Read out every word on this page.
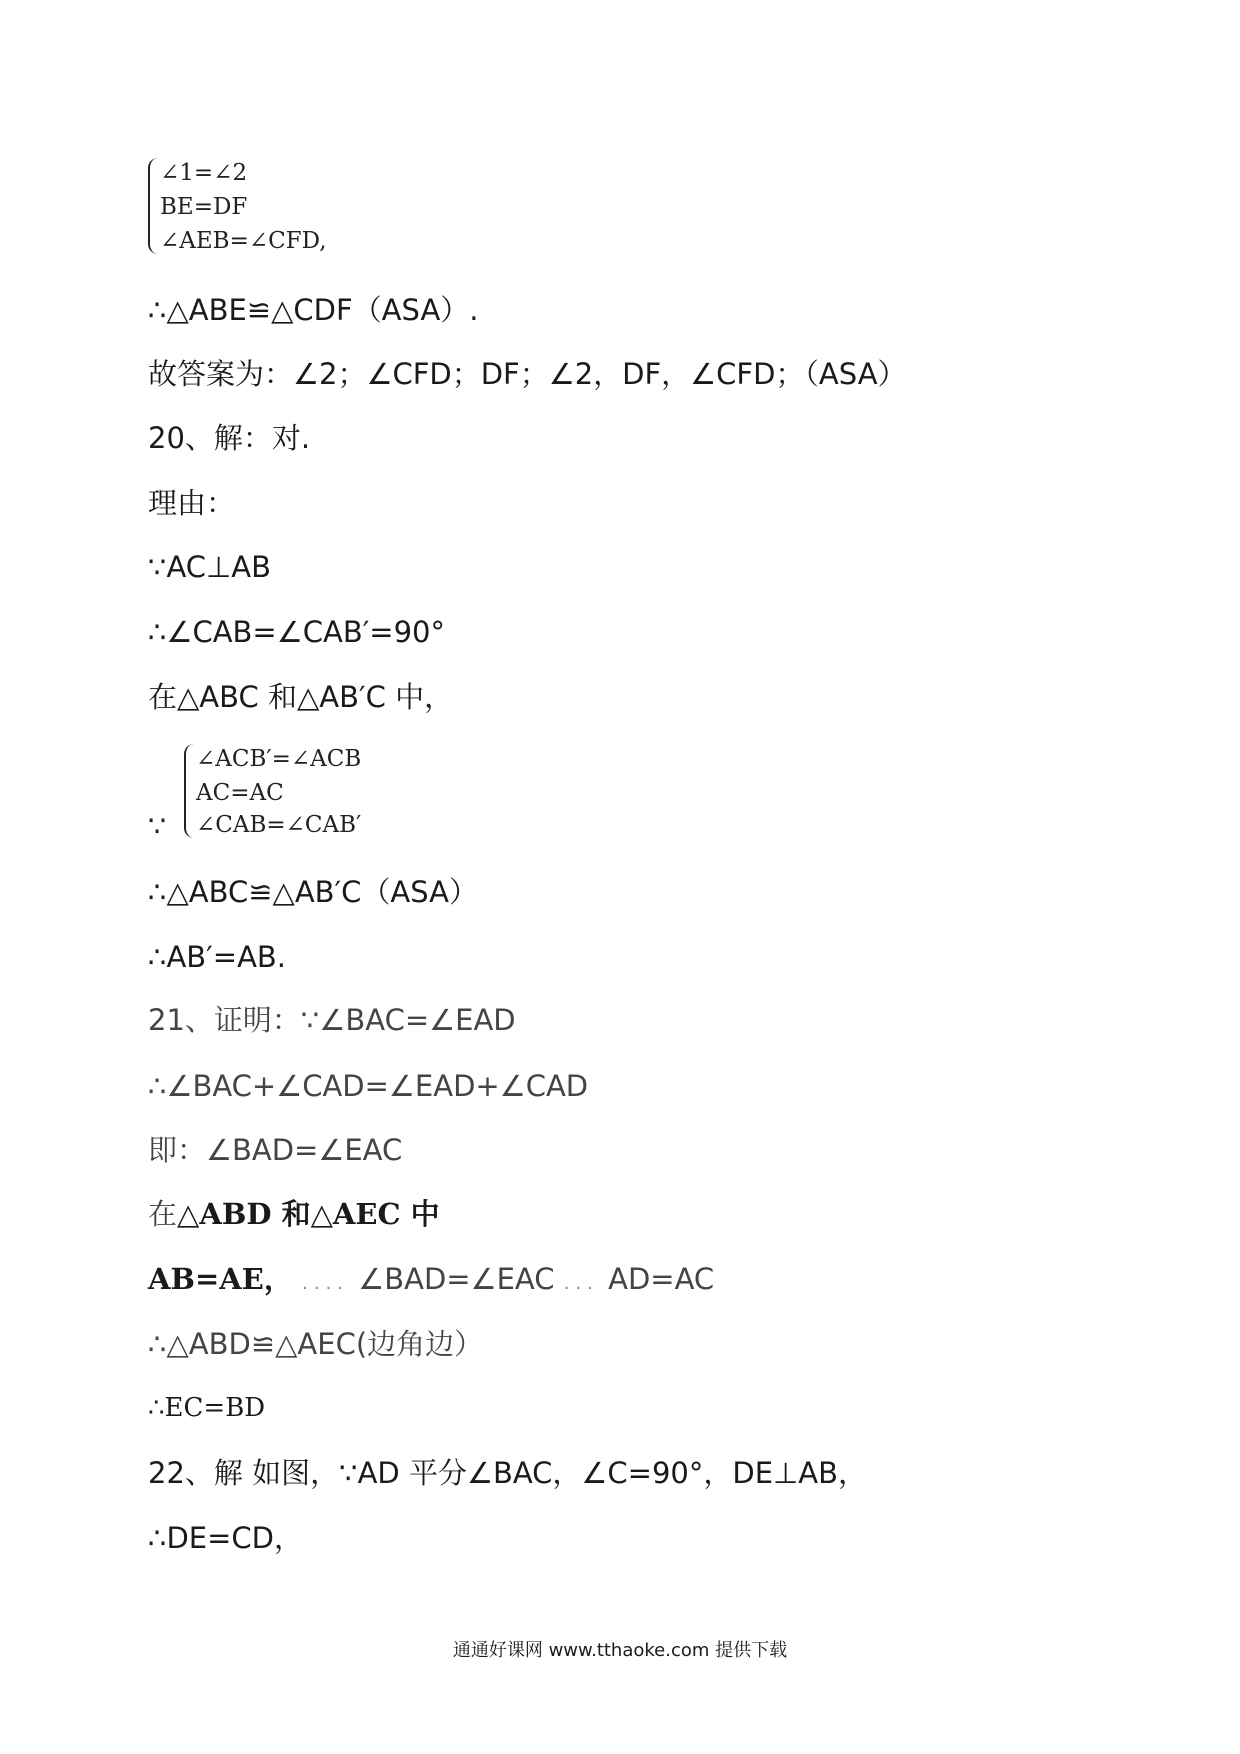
∠1=∠2
BE=DF
∠AEB=∠CFD,
∴△ABE≌△CDF（ASA）.
故答案为：∠2；∠CFD；DF；∠2，DF，∠CFD；（ASA）
20、解：对.
理由：
∵AC⊥AB
∴∠CAB=∠CAB′=90°
在△ABC 和△AB′C 中，
∵
∠ACB′=∠ACB
AC=AC
∠CAB=∠CAB′
∴△ABC≌△AB′C（ASA）
∴AB′=AB.
21、证明：∵∠BAC=∠EAD
∴∠BAC+∠CAD=∠EAD+∠CAD
即：∠BAD=∠EAC
在△ABD 和△AEC 中
AB=AE， .... ∠BAD=∠EAC ... AD=AC
∴△ABD≌△AEC(边角边）
∴EC=BD
22、解 如图，∵AD 平分∠BAC，∠C=90°，DE⊥AB，
∴DE=CD，
通通好课网 www.tthaoke.com 提供下载
